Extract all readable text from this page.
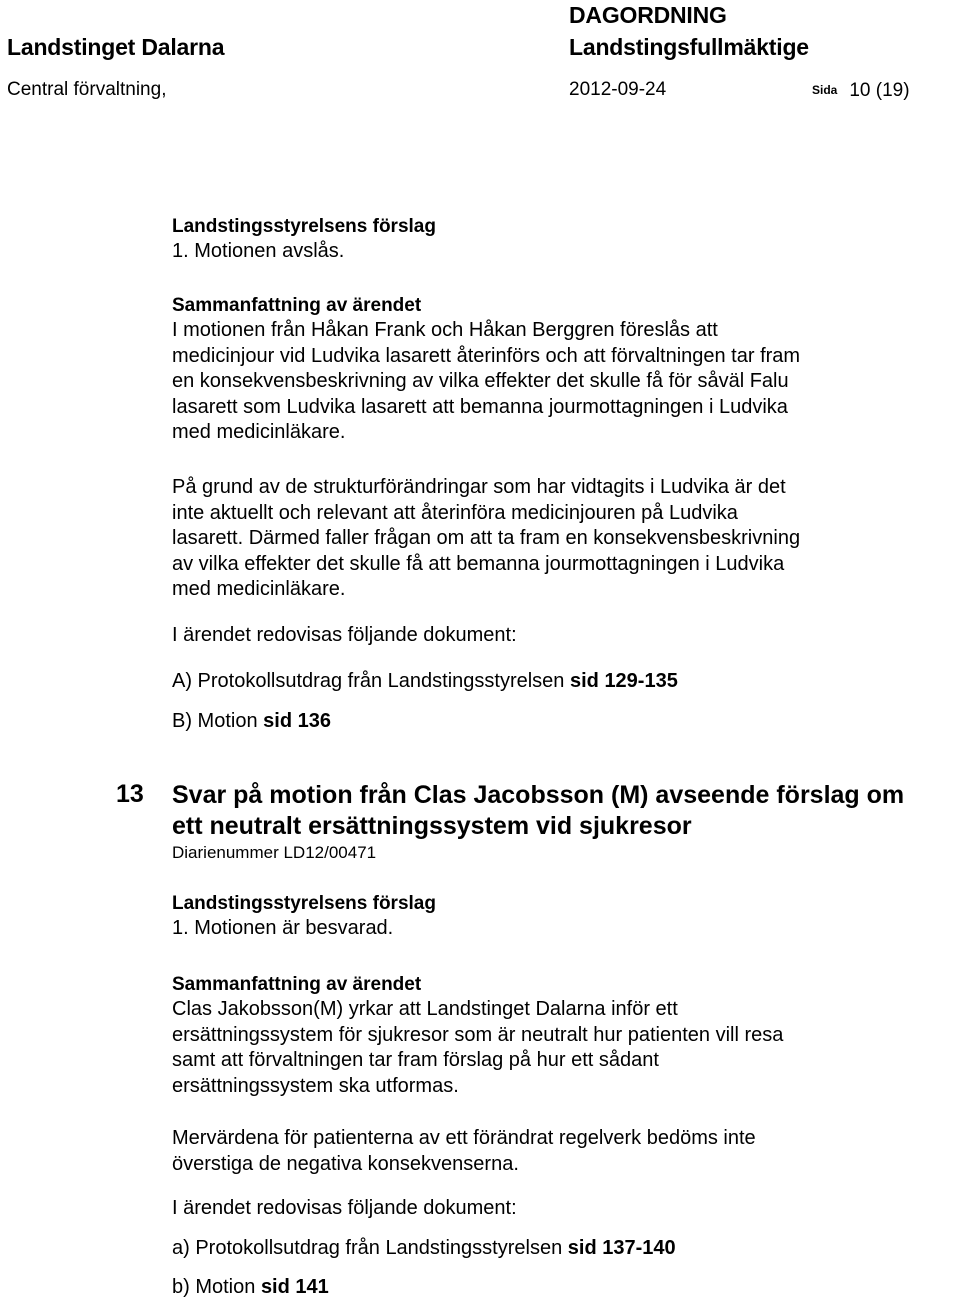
Landstinget Dalarna
DAGORDNING
Landstingsfullmäktige
Central förvaltning,	2012-09-24	Sida 10 (19)

Landstingsstyrelsens förslag

1. Motionen avslås.

Sammanfattning av ärendet

I motionen från Håkan Frank och Håkan Berggren föreslås att

medicinjour vid Ludvika lasarett återinförs och att förvaltningen tar fram

en konsekvensbeskrivning av vilka effekter det skulle få för såväl Falu

lasarett som Ludvika lasarett att bemanna jourmottagningen i Ludvika

med medicinläkare.

På grund av de strukturförändringar som har vidtagits i Ludvika är det

inte aktuellt och relevant att återinföra medicinjouren på Ludvika

lasarett. Därmed faller frågan om att ta fram en konsekvensbeskrivning

av vilka effekter det skulle få att bemanna jourmottagningen i Ludvika

med medicinläkare.

I ärendet redovisas följande dokument:

A) Protokollsutdrag från Landstingsstyrelsen sid 129-135

B) Motion sid 136

13 Svar på motion från Clas Jacobsson (M) avseende förslag om

ett neutralt ersättningssystem vid sjukresor

Diarienummer LD12/00471

Landstingsstyrelsens förslag

1. Motionen är besvarad.

Sammanfattning av ärendet

Clas Jakobsson(M) yrkar att Landstinget Dalarna inför ett

ersättningssystem för sjukresor som är neutralt hur patienten vill resa

samt att förvaltningen tar fram förslag på hur ett sådant

ersättningssystem ska utformas.

Mervärdena för patienterna av ett förändrat regelverk bedöms inte

överstiga de negativa konsekvenserna.

I ärendet redovisas följande dokument:

a) Protokollsutdrag från Landstingsstyrelsen sid 137-140

b) Motion sid 141
